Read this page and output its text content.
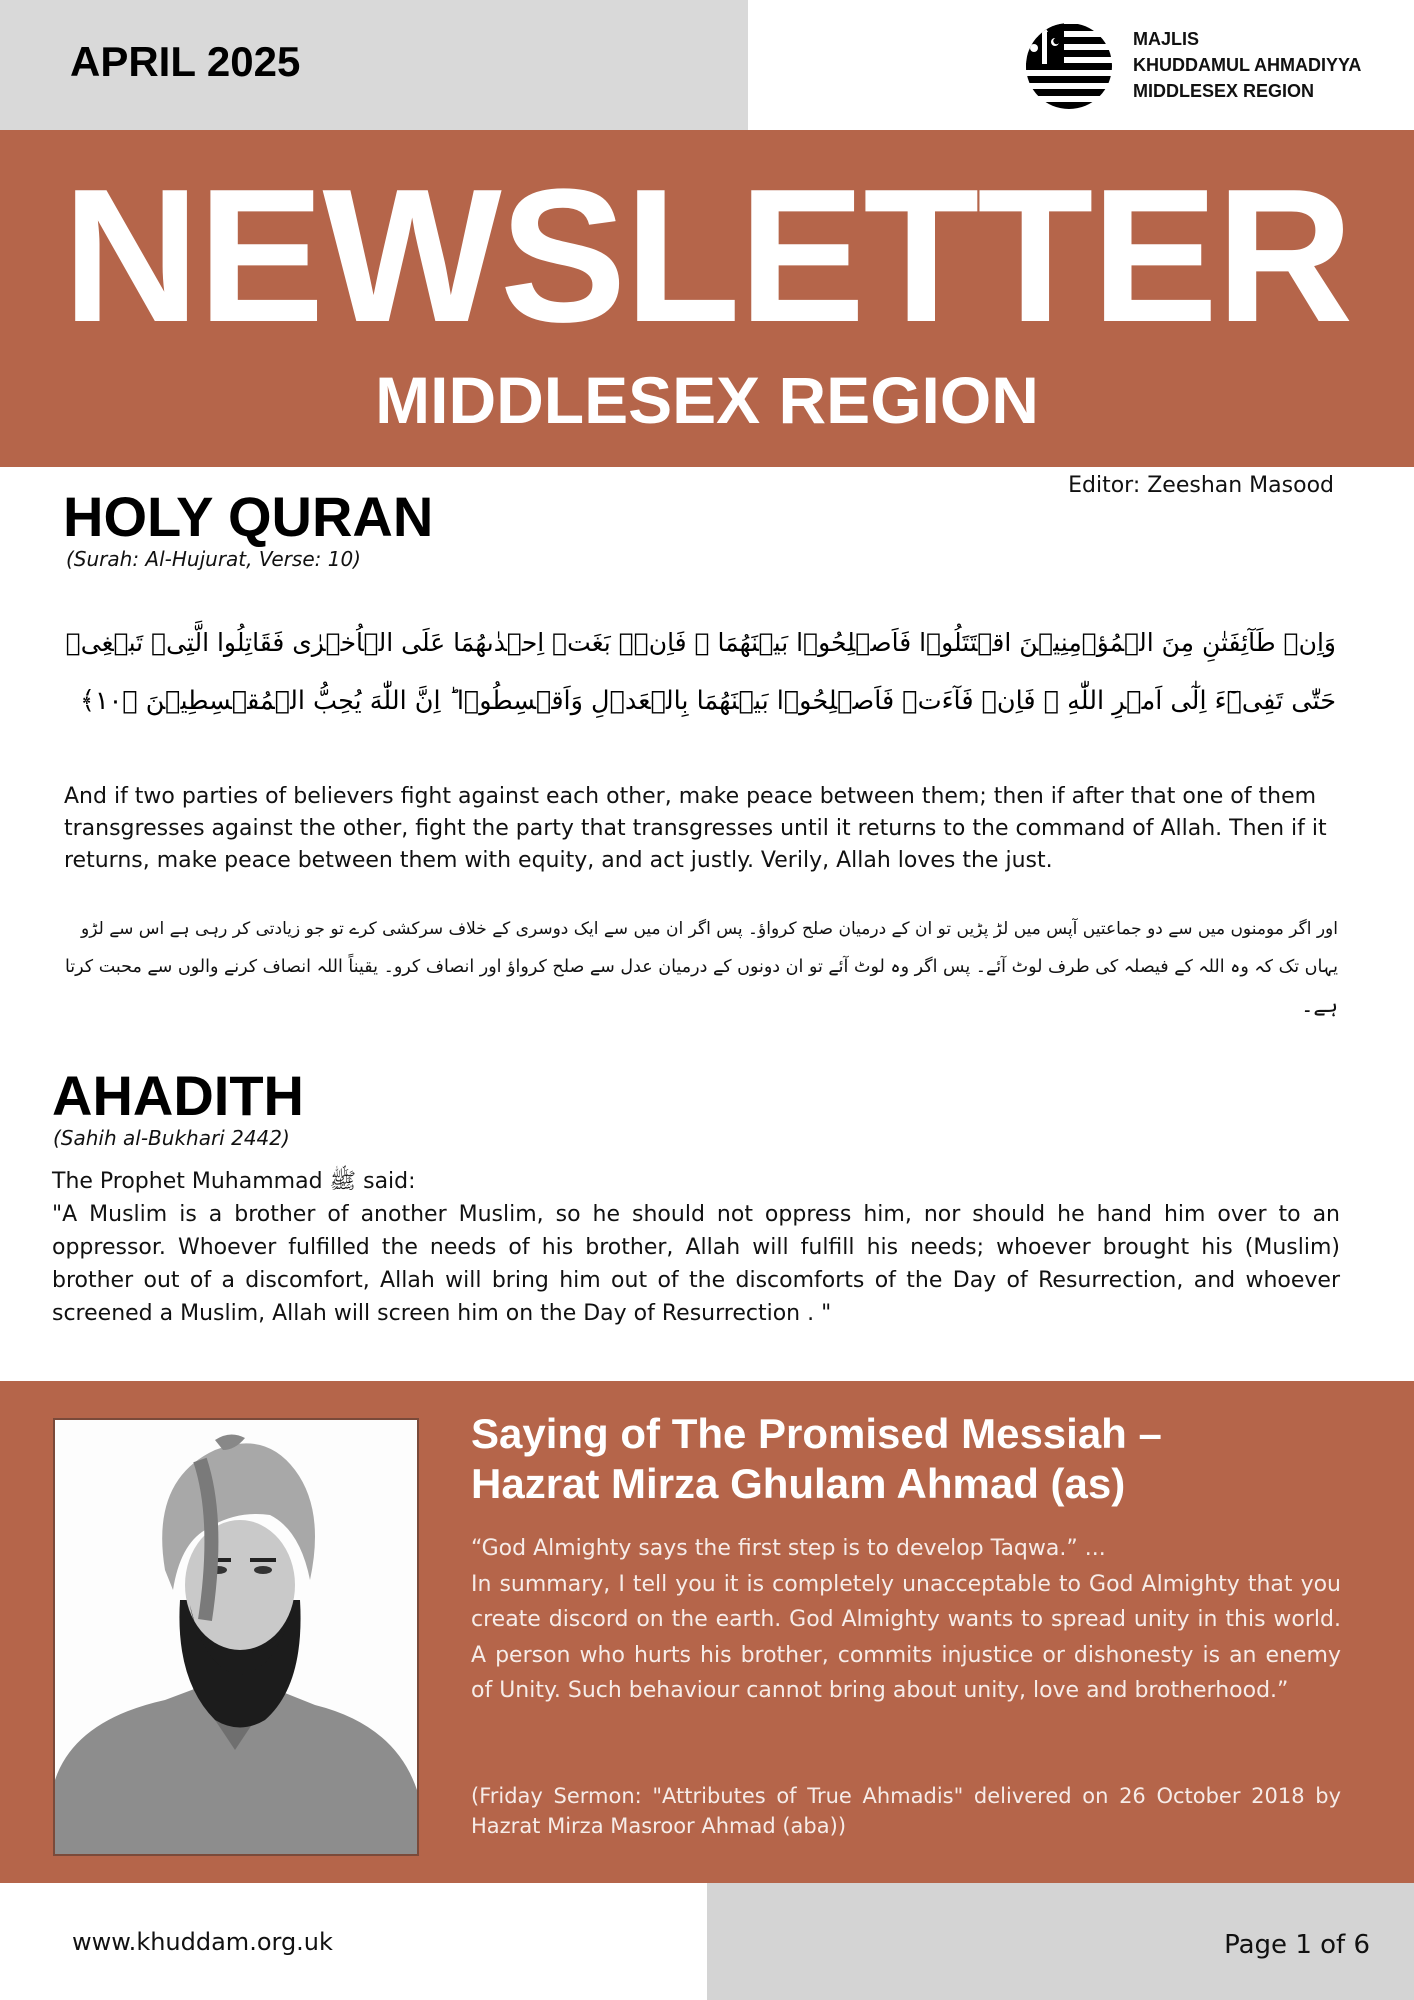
APRIL 2025	MAJLIS
KHUDDAMUL AHMADIYYA
MIDDLESEX REGION
NEWSLETTER
MIDDLESEX REGION
Editor: Zeeshan Masood
HOLY QURAN
(Surah: Al-Hujurat, Verse: 10)
وَاِنۡ طَآئِفَتٰنِ مِنَ الۡمُؤۡمِنِيۡنَ اقۡتَتَلُوۡا فَاَصۡلِحُوۡا بَيۡنَهُمَا ۚ فَاِنۡۢ بَغَتۡ اِحۡدٰٮهُمَا عَلَى الۡاُخۡرٰى فَقَاتِلُوا الَّتِىۡ تَبۡغِىۡ
حَتّٰى تَفِىۡٓءَ اِلٰٓى اَمۡرِ اللّٰهِ ۚ فَاِنۡ فَآءَتۡ فَاَصۡلِحُوۡا بَيۡنَهُمَا بِالۡعَدۡلِ وَاَقۡسِطُوۡا ؕ اِنَّ اللّٰهَ يُحِبُّ الۡمُقۡسِطِيۡنَ ﴿۱۰﴾
And if two parties of believers fight against each other, make peace between them; then if after that one of them transgresses against the other, fight the party that transgresses until it returns to the command of Allah. Then if it returns, make peace between them with equity, and act justly. Verily, Allah loves the just.
اور اگر مومنوں میں سے دو جماعتیں آپس میں لڑ پڑیں تو ان کے درمیان صلح کرواؤ۔ پس اگر ان میں سے ایک دوسری کے خلاف سرکشی کرے تو جو زیادتی کر رہی ہے اس سے لڑو
یہاں تک کہ وہ اللہ کے فیصلہ کی طرف لوٹ آئے۔ پس اگر وہ لوٹ آئے تو ان دونوں کے درمیان عدل سے صلح کرواؤ اور انصاف کرو۔ یقیناً اللہ انصاف کرنے والوں سے محبت کرتا
ہے۔
AHADITH
(Sahih al-Bukhari 2442)
The Prophet Muhammad ﷺ said:
"A Muslim is a brother of another Muslim, so he should not oppress him, nor should he hand him over to an oppressor. Whoever fulfilled the needs of his brother, Allah will fulfill his needs; whoever brought his (Muslim) brother out of a discomfort, Allah will bring him out of the discomforts of the Day of Resurrection, and whoever screened a Muslim, Allah will screen him on the Day of Resurrection . "
Saying of The Promised Messiah –
Hazrat Mirza Ghulam Ahmad (as)
“God Almighty says the first step is to develop Taqwa.” ...
In summary, I tell you it is completely unacceptable to God Almighty that you create discord on the earth. God Almighty wants to spread unity in this world. A person who hurts his brother, commits injustice or dishonesty is an enemy of Unity. Such behaviour cannot bring about unity, love and brotherhood.”
(Friday Sermon: "Attributes of True Ahmadis" delivered on 26 October 2018 by Hazrat Mirza Masroor Ahmad (aba))
www.khuddam.org.uk	Page 1 of 6
